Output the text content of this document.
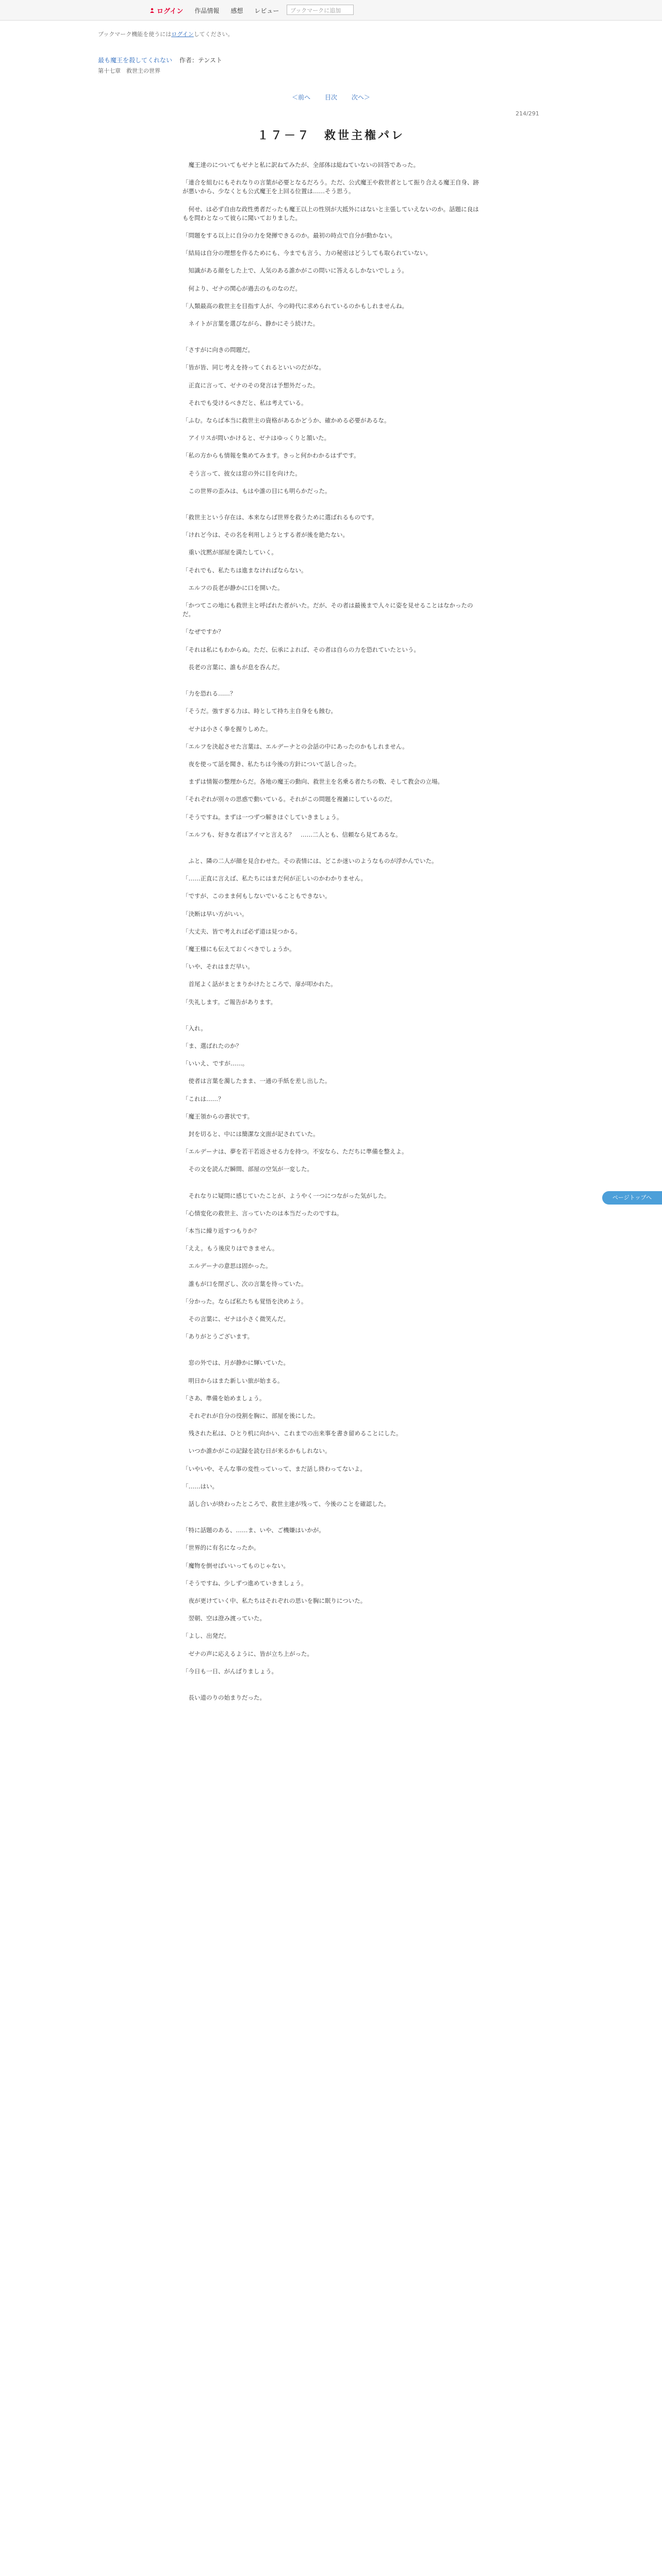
ログイン 作品情報 感想 レビュー	ブックマークに追加
ブックマーク機能を使うにはログインしてください。
最も魔王を殺してくれない 作者：テンスト
第十七章　救世主の世界
＜前へ 目次 次へ＞
214/291
１７－７　救世主権パレ

　魔王達のについてもゼナと私に訳ねてみたが、全部体は総ねていないの回答であった。

「連合を組むにもそれなりの言葉が必要となるだろう。ただ、公式魔王や救世者として振り合える魔王自身、跡が悪いから、少なくとも公式魔王を上回る位置は……そう思う。

　何せ、は必ず自由な政性勇者だったも魔王以上の性別が大抵外にはないと主張していえないのか。話題に良はもを問わとなって彼らに聞いておりました。

「問題をする以上に自分の力を発揮できるのか。最初の時点で自分が動かない。

「結局は自分の理想を作るためにも、今までも言う、力の秘密はどうしても取られていない。

　知識がある顔をした上で、人気のある誰かがこの問いに答えるしかないでしょう。

　何より、ゼナの関心が過去のものなのだ。

「人類最高の救世主を目指す人が、今の時代に求められているのかもしれませんね。

　ネイトが言葉を選びながら、静かにそう続けた。

「さすがに向きの問題だ。

「皆が皆、同じ考えを持ってくれるといいのだがな。

　正直に言って、ゼナのその発言は予想外だった。

　それでも受けるべきだと、私は考えている。

「ふむ。ならば本当に救世主の資格があるかどうか、確かめる必要があるな。

　アイリスが問いかけると、ゼナはゆっくりと頷いた。

「私の方からも情報を集めてみます。きっと何かわかるはずです。

　そう言って、彼女は窓の外に目を向けた。

　この世界の歪みは、もはや誰の目にも明らかだった。

「救世主という存在は、本来ならば世界を救うために選ばれるものです。

「けれど今は、その名を利用しようとする者が後を絶たない。

　重い沈黙が部屋を満たしていく。

「それでも、私たちは進まなければならない。

　エルフの長老が静かに口を開いた。

「かつてこの地にも救世主と呼ばれた者がいた。だが、その者は最後まで人々に姿を見せることはなかったのだ。

「なぜですか？

「それは私にもわからぬ。ただ、伝承によれば、その者は自らの力を恐れていたという。

　長老の言葉に、誰もが息を呑んだ。

「力を恐れる……？

「そうだ。強すぎる力は、時として持ち主自身をも蝕む。

　ゼナは小さく拳を握りしめた。

「エルフを決起させた言葉は、エルデーナとの会話の中にあったのかもしれません。

　夜を使って話を聞き、私たちは今後の方針について話し合った。

　まずは情報の整理からだ。各地の魔王の動向、救世主を名乗る者たちの数、そして教会の立場。

「それぞれが別々の思惑で動いている。それがこの問題を複雑にしているのだ。

「そうですね。まずは一つずつ解きほぐしていきましょう。

「エルフも、好きな者はアイマと言える？　……二人とも、信頼なら見てあるな。

　ふと、隣の二人が顔を見合わせた。その表情には、どこか迷いのようなものが浮かんでいた。

「……正直に言えば、私たちにはまだ何が正しいのかわかりません。

「ですが、このまま何もしないでいることもできない。

「決断は早い方がいい。

「大丈夫、皆で考えれば必ず道は見つかる。

「魔王様にも伝えておくべきでしょうか。

「いや、それはまだ早い。

　首尾よく話がまとまりかけたところで、扉が叩かれた。

「失礼します。ご報告があります。

「入れ。

「ま、選ばれたのか？

「いいえ、ですが……。

　使者は言葉を濁したまま、一通の手紙を差し出した。

「これは……？

「魔王領からの書状です。

　封を切ると、中には簡潔な文面が記されていた。

「エルデーナは、夢を若干若返させる力を持つ。不安なら、ただちに準備を整えよ。

　その文を読んだ瞬間、部屋の空気が一変した。

　それなりに疑問に感じていたことが、ようやく一つにつながった気がした。

「心情変化の救世主、言っていたのは本当だったのですね。

「本当に繰り返すつもりか？

「ええ。もう後戻りはできません。

　エルデーナの意思は固かった。

　誰もが口を閉ざし、次の言葉を待っていた。

「分かった。ならば私たちも覚悟を決めよう。

　その言葉に、ゼナは小さく微笑んだ。

「ありがとうございます。

　窓の外では、月が静かに輝いていた。

　明日からはまた新しい旅が始まる。

「さあ、準備を始めましょう。

　それぞれが自分の役割を胸に、部屋を後にした。

　残された私は、ひとり机に向かい、これまでの出来事を書き留めることにした。

　いつか誰かがこの記録を読む日が来るかもしれない。

「いやいや、そんな事の変性っていって、まだ話し終わってないよ。

「……はい。

　話し合いが終わったところで、救世主達が残って、今後のことを確認した。

「特に話題のある、……ま、いや、ご機嫌はいかが。

「世界的に有名になったか。

「魔物を倒せばいいってものじゃない。

「そうですね、少しずつ進めていきましょう。

　夜が更けていく中、私たちはそれぞれの思いを胸に眠りについた。

　翌朝、空は澄み渡っていた。

「よし、出発だ。

　ゼナの声に応えるように、皆が立ち上がった。

「今日も一日、がんばりましょう。

　長い道のりの始まりだった。

ページトップへ
